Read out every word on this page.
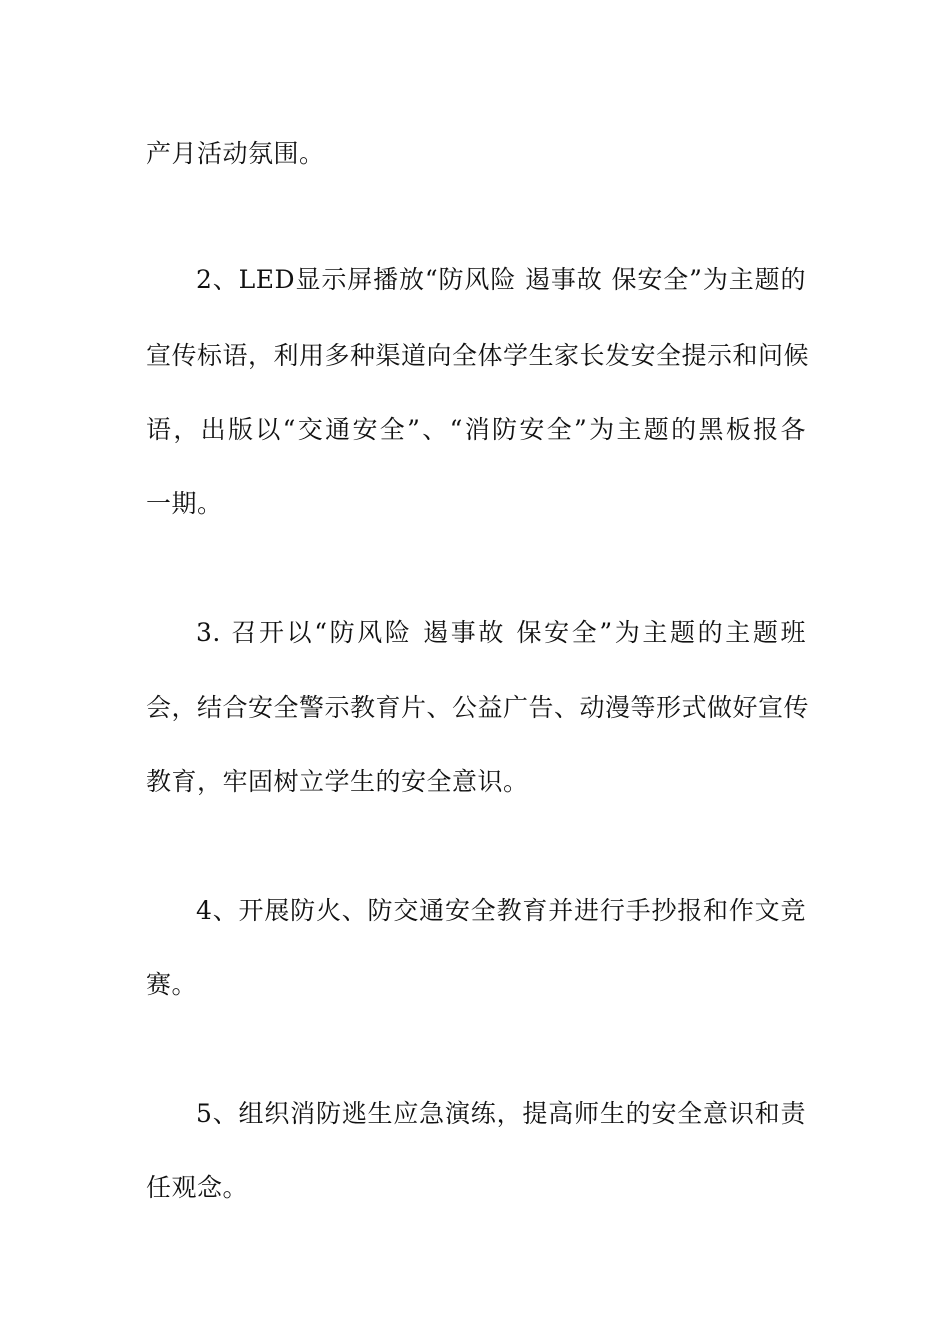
产月活动氛围。
2、LED显示屏播放“防风险 遏事故 保安全”为主题的
宣传标语，利用多种渠道向全体学生家长发安全提示和问候
语，出版以“交通安全”、“消防安全”为主题的黑板报各
一期。
3. 召开以“防风险 遏事故 保安全”为主题的主题班
会，结合安全警示教育片、公益广告、动漫等形式做好宣传
教育，牢固树立学生的安全意识。
4、开展防火、防交通安全教育并进行手抄报和作文竞
赛。
5、组织消防逃生应急演练，提高师生的安全意识和责
任观念。
